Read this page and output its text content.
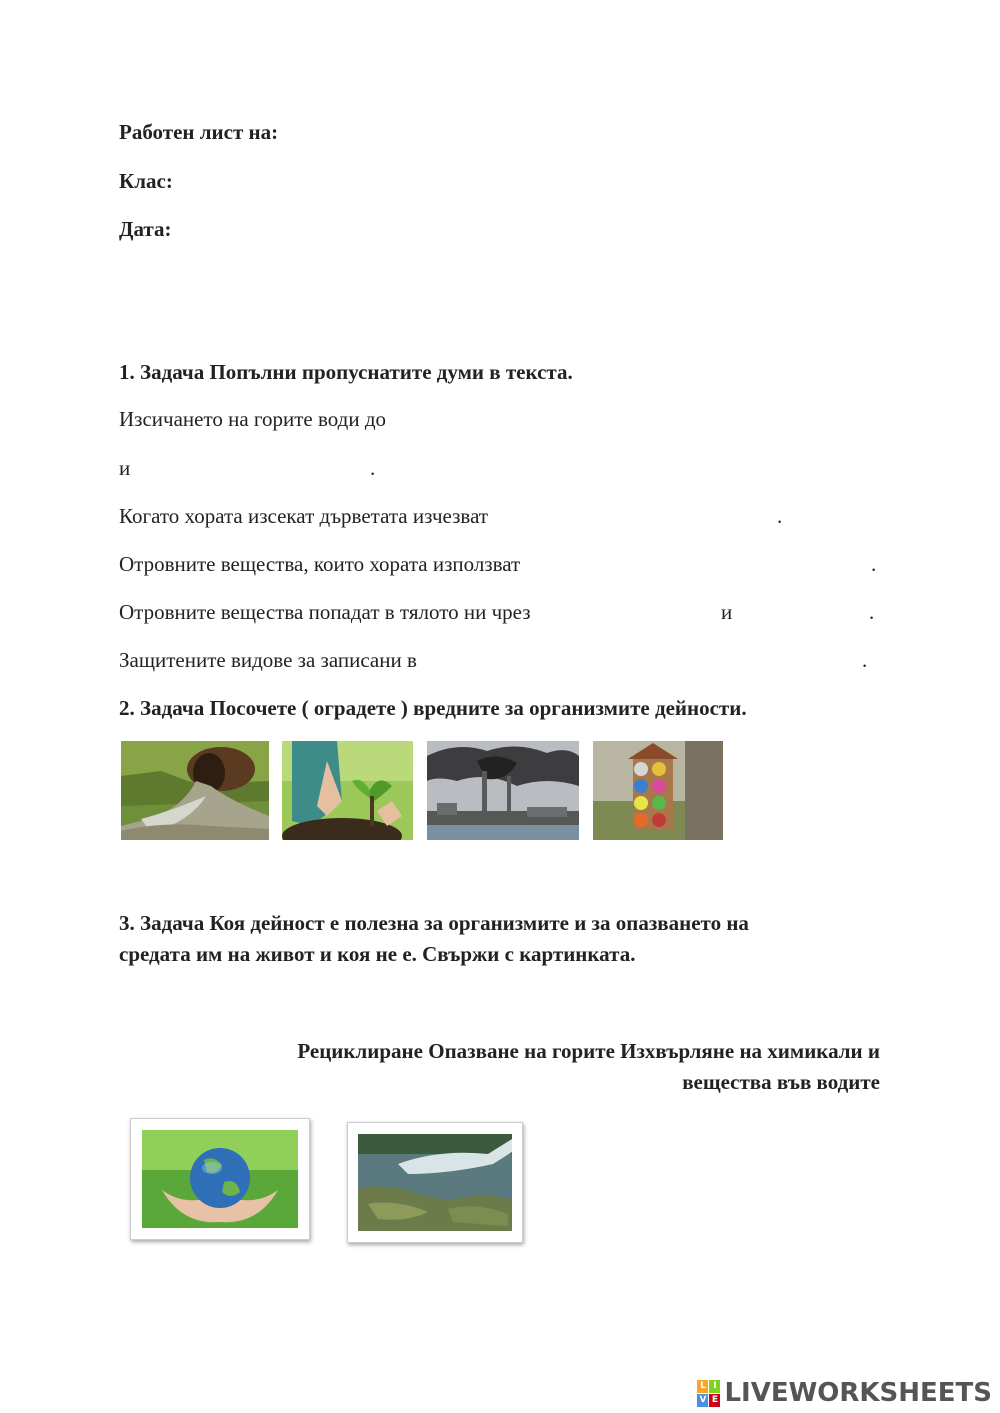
Работен лист на:
Клас:
Дата:
1. Задача Попълни пропуснатите думи в текста.
Изсичането на горите води до
и	.
Когато хората изсекат дърветата изчезват	.
Отровните вещества, които хората използват	.
Отровните вещества попадат в тялото ни чрез	и	.
Защитените видове за записани в	.
2. Задача Посочете ( оградете ) вредните за организмите дейности.
3. Задача Коя дейност е полезна за организмите и за опазването на
средата им на живот и коя не е. Свържи с картинката.
Рециклиране Опазване на горите Изхвърляне на химикали и
вещества във водите
L I
V E LIVEWORKSHEETS
